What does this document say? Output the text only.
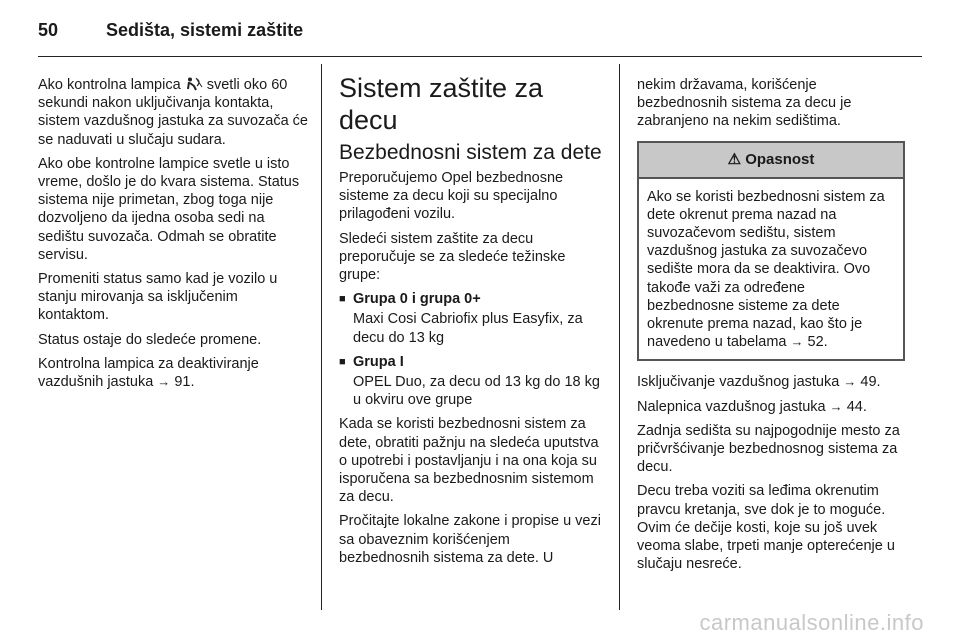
50	Sedišta, sistemi zaštite

Ako kontrolna lampica svetli oko 60 sekundi nakon uključivanja kontakta, sistem vazdušnog jastuka za suvozača će se naduvati u slučaju sudara.

Ako obe kontrolne lampice svetle u isto vreme, došlo je do kvara sistema. Status sistema nije primetan, zbog toga nije dozvoljeno da ijedna osoba sedi na sedištu suvozača. Odmah se obratite servisu.

Promeniti status samo kad je vozilo u stanju mirovanja sa isključenim kontaktom.

Status ostaje do sledeće promene.

Kontrolna lampica za deaktiviranje vazdušnih jastuka → 91.

Sistem zaštite za decu
Bezbednosni sistem za dete

Preporučujemo Opel bezbednosne sisteme za decu koji su specijalno prilagođeni vozilu.

Sledeći sistem zaštite za decu preporučuje se za sledeće težinske grupe:

■ Grupa 0 i grupa 0+

Maxi Cosi Cabriofix plus Easyfix, za decu do 13 kg

■ Grupa I

OPEL Duo, za decu od 13 kg do 18 kg u okviru ove grupe

Kada se koristi bezbednosni sistem za dete, obratiti pažnju na sledeća uputstva o upotrebi i postavljanju i na ona koja su isporučena sa bezbednosnim sistemom za decu.

Pročitajte lokalne zakone i propise u vezi sa obaveznim korišćenjem bezbednosnih sistema za dete. U

nekim državama, korišćenje bezbednosnih sistema za decu je zabranjeno na nekim sedištima.

⚠ Opasnost
Ako se koristi bezbednosni sistem za dete okrenut prema nazad na suvozačevom sedištu, sistem vazdušnog jastuka za suvozačevo sedište mora da se deaktivira. Ovo takođe važi za određene bezbednosne sisteme za dete okrenute prema nazad, kao što je navedeno u tabelama → 52.

Isključivanje vazdušnog jastuka → 49.

Nalepnica vazdušnog jastuka → 44.

Zadnja sedišta su najpogodnije mesto za pričvršćivanje bezbednosnog sistema za decu.

Decu treba voziti sa leđima okrenutim pravcu kretanja, sve dok je to moguće. Ovim će dečije kosti, koje su još uvek veoma slabe, trpeti manje opterećenje u slučaju nesreće.

carmanualsonline.info
